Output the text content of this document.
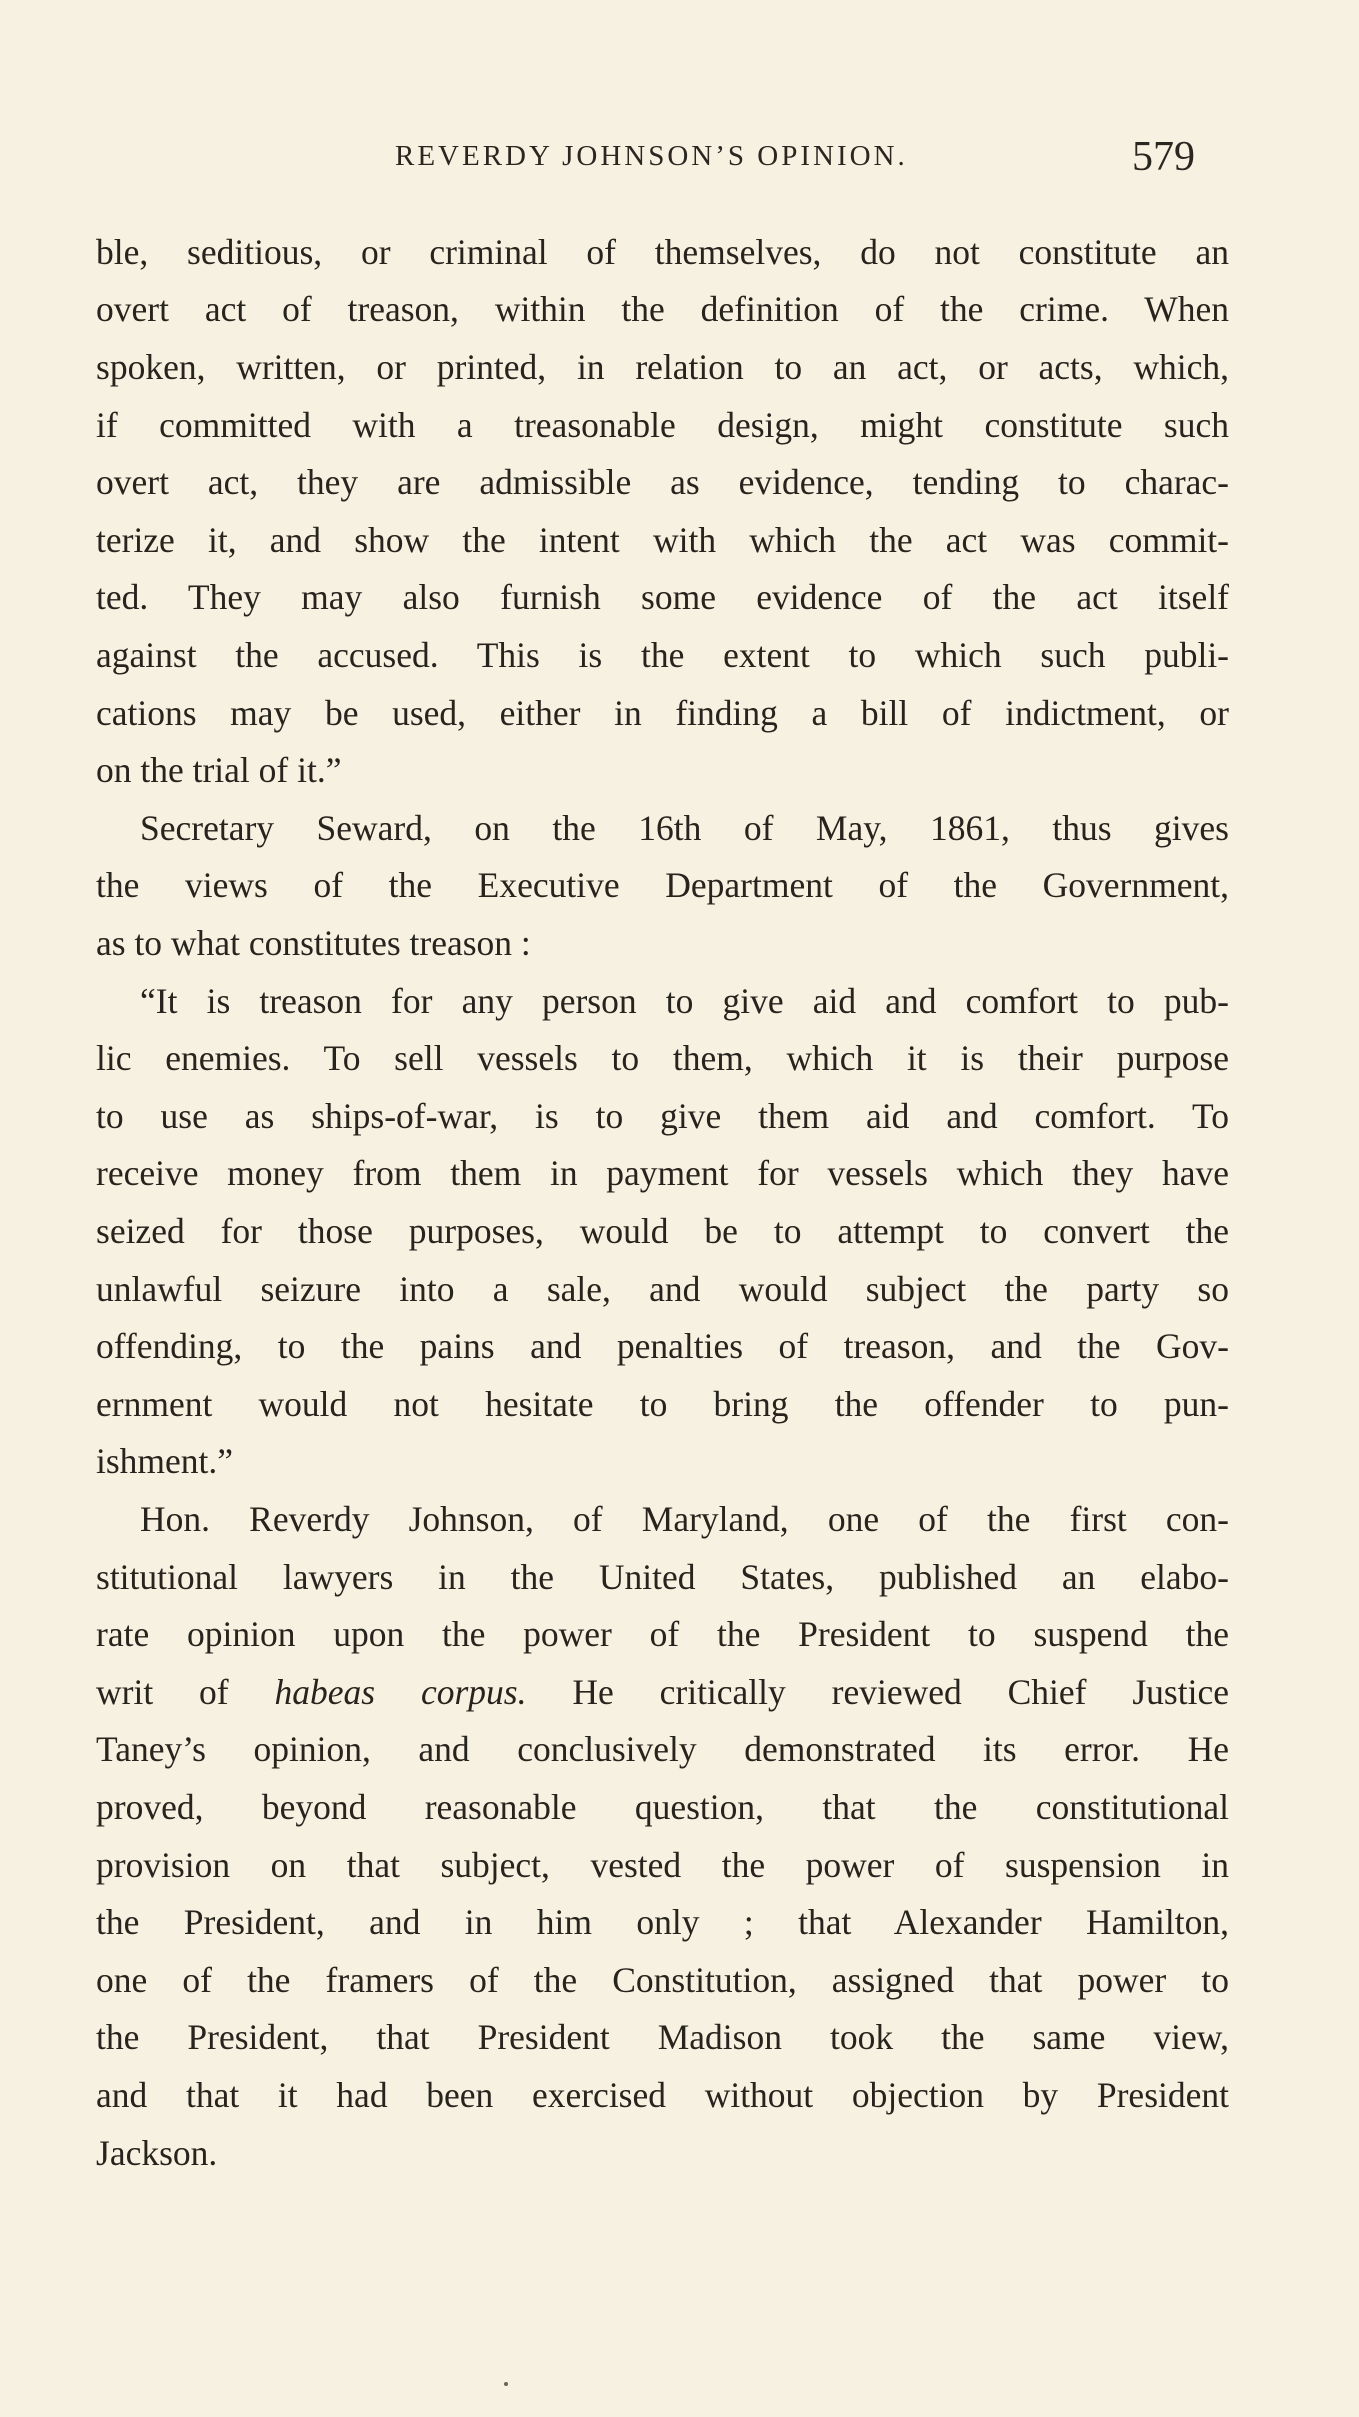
REVERDY JOHNSON’S OPINION.	579
ble, seditious, or criminal of themselves, do not constitute an
overt act of treason, within the definition of the crime. When
spoken, written, or printed, in relation to an act, or acts, which,
if committed with a treasonable design, might constitute such
overt act, they are admissible as evidence, tending to charac-
terize it, and show the intent with which the act was commit-
ted. They may also furnish some evidence of the act itself
against the accused. This is the extent to which such publi-
cations may be used, either in finding a bill of indictment, or
on the trial of it.”
Secretary Seward, on the 16th of May, 1861, thus gives
the views of the Executive Department of the Government,
as to what constitutes treason :
“It is treason for any person to give aid and comfort to pub-
lic enemies. To sell vessels to them, which it is their purpose
to use as ships-of-war, is to give them aid and comfort. To
receive money from them in payment for vessels which they have
seized for those purposes, would be to attempt to convert the
unlawful seizure into a sale, and would subject the party so
offending, to the pains and penalties of treason, and the Gov-
ernment would not hesitate to bring the offender to pun-
ishment.”
Hon. Reverdy Johnson, of Maryland, one of the first con-
stitutional lawyers in the United States, published an elabo-
rate opinion upon the power of the President to suspend the
writ of habeas corpus. He critically reviewed Chief Justice
Taney’s opinion, and conclusively demonstrated its error. He
proved, beyond reasonable question, that the constitutional
provision on that subject, vested the power of suspension in
the President, and in him only ; that Alexander Hamilton,
one of the framers of the Constitution, assigned that power to
the President, that President Madison took the same view,
and that it had been exercised without objection by President
Jackson.
